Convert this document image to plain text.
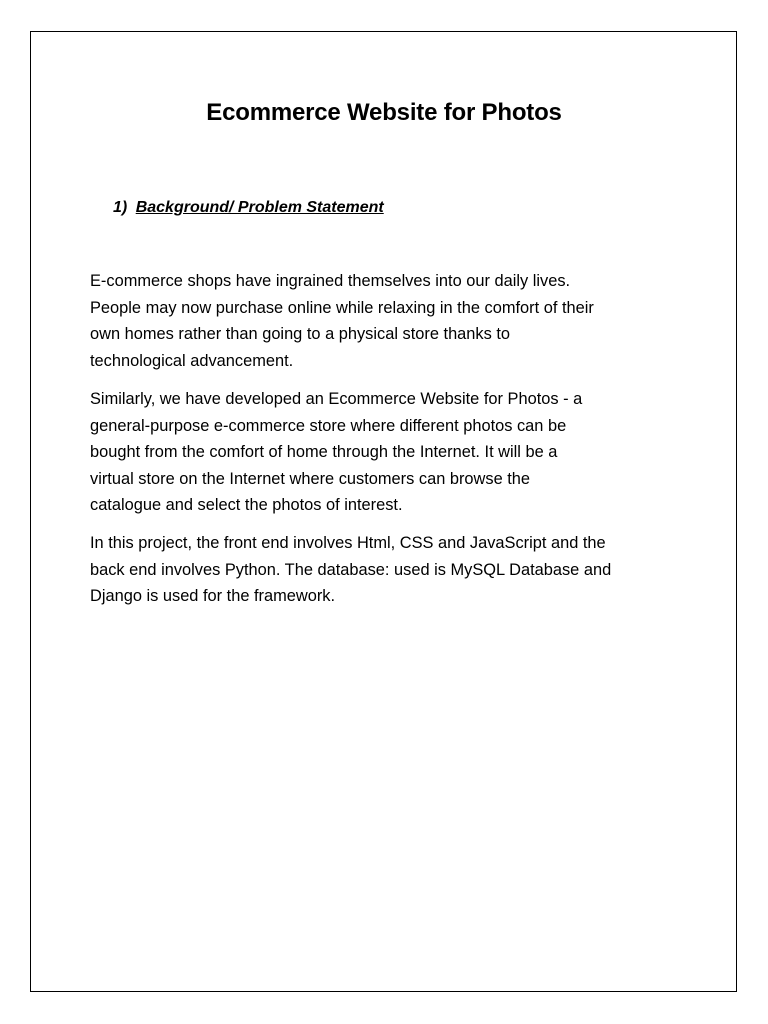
Ecommerce Website for Photos
1) Background/ Problem Statement

E-commerce shops have ingrained themselves into our daily lives.
People may now purchase online while relaxing in the comfort of their
own homes rather than going to a physical store thanks to
technological advancement.

Similarly, we have developed an Ecommerce Website for Photos - a
general-purpose e-commerce store where different photos can be
bought from the comfort of home through the Internet. It will be a
virtual store on the Internet where customers can browse the
catalogue and select the photos of interest.

In this project, the front end involves Html, CSS and JavaScript and the
back end involves Python. The database: used is MySQL Database and
Django is used for the framework.
